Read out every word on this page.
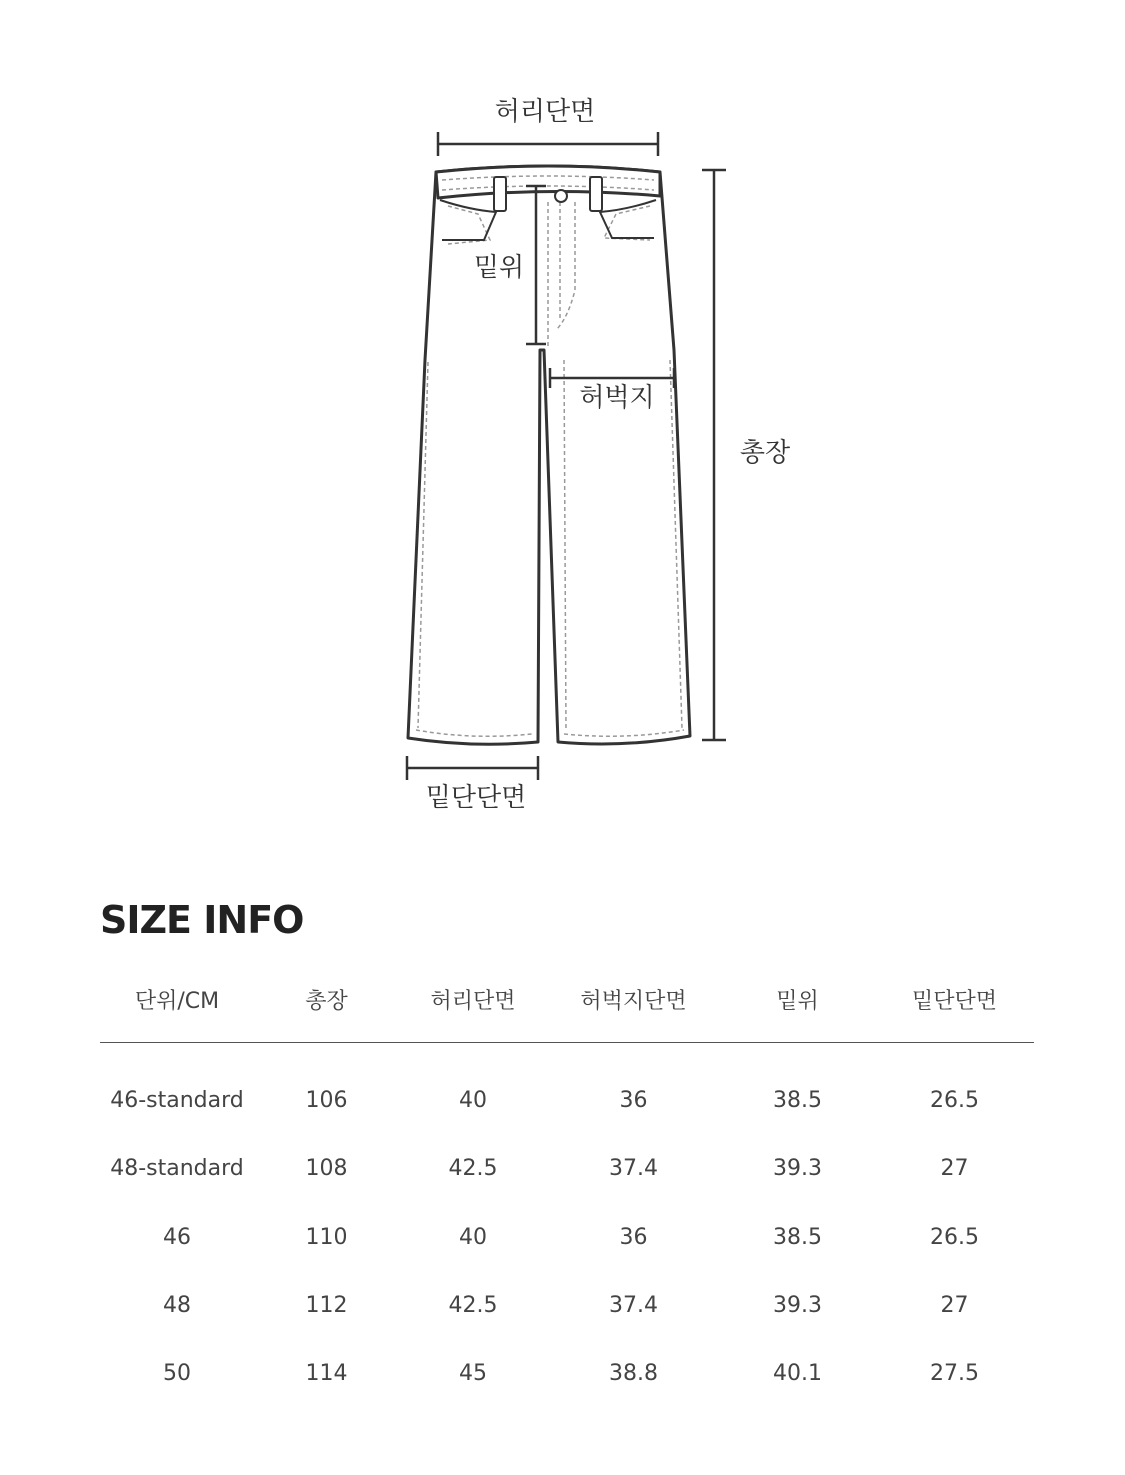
허리단면
밑위
허벅지
총장
밑단단면
SIZE INFO
단위/CM	총장	허리단면	허벅지단면	밑위	밑단단면
46-standard	106	40	36	38.5	26.5
48-standard	108	42.5	37.4	39.3	27
46	110	40	36	38.5	26.5
48	112	42.5	37.4	39.3	27
50	114	45	38.8	40.1	27.5
